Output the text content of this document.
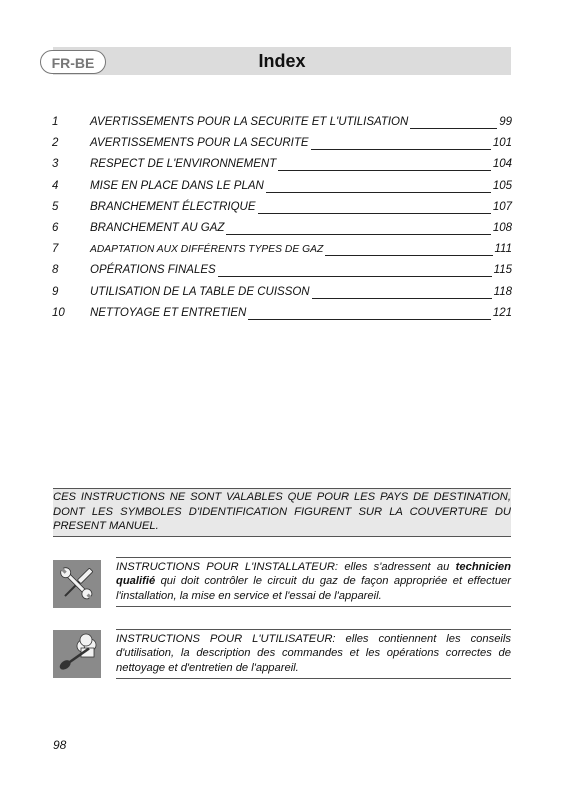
Index
FR-BE
1	AVERTISSEMENTS POUR LA SECURITE ET L'UTILISATION	99
2	AVERTISSEMENTS POUR LA SECURITE	101
3	RESPECT DE L'ENVIRONNEMENT	104
4	MISE EN PLACE DANS LE PLAN	105
5	BRANCHEMENT ÉLECTRIQUE	107
6	BRANCHEMENT AU GAZ	108
7	ADAPTATION AUX DIFFÉRENTS TYPES DE GAZ	111
8	OPÉRATIONS FINALES	115
9	UTILISATION DE LA TABLE DE CUISSON	118
10	NETTOYAGE ET ENTRETIEN	121
CES INSTRUCTIONS NE SONT VALABLES QUE POUR LES PAYS DE DESTINATION, DONT LES SYMBOLES D'IDENTIFICATION FIGURENT SUR LA COUVERTURE DU PRESENT MANUEL.
INSTRUCTIONS POUR L'INSTALLATEUR: elles s'adressent au technicien qualifié qui doit contrôler le circuit du gaz de façon appropriée et effectuer l'installation, la mise en service et l'essai de l'appareil.
INSTRUCTIONS POUR L'UTILISATEUR: elles contiennent les conseils d'utilisation, la description des commandes et les opérations correctes de nettoyage et d'entretien de l'appareil.
98
